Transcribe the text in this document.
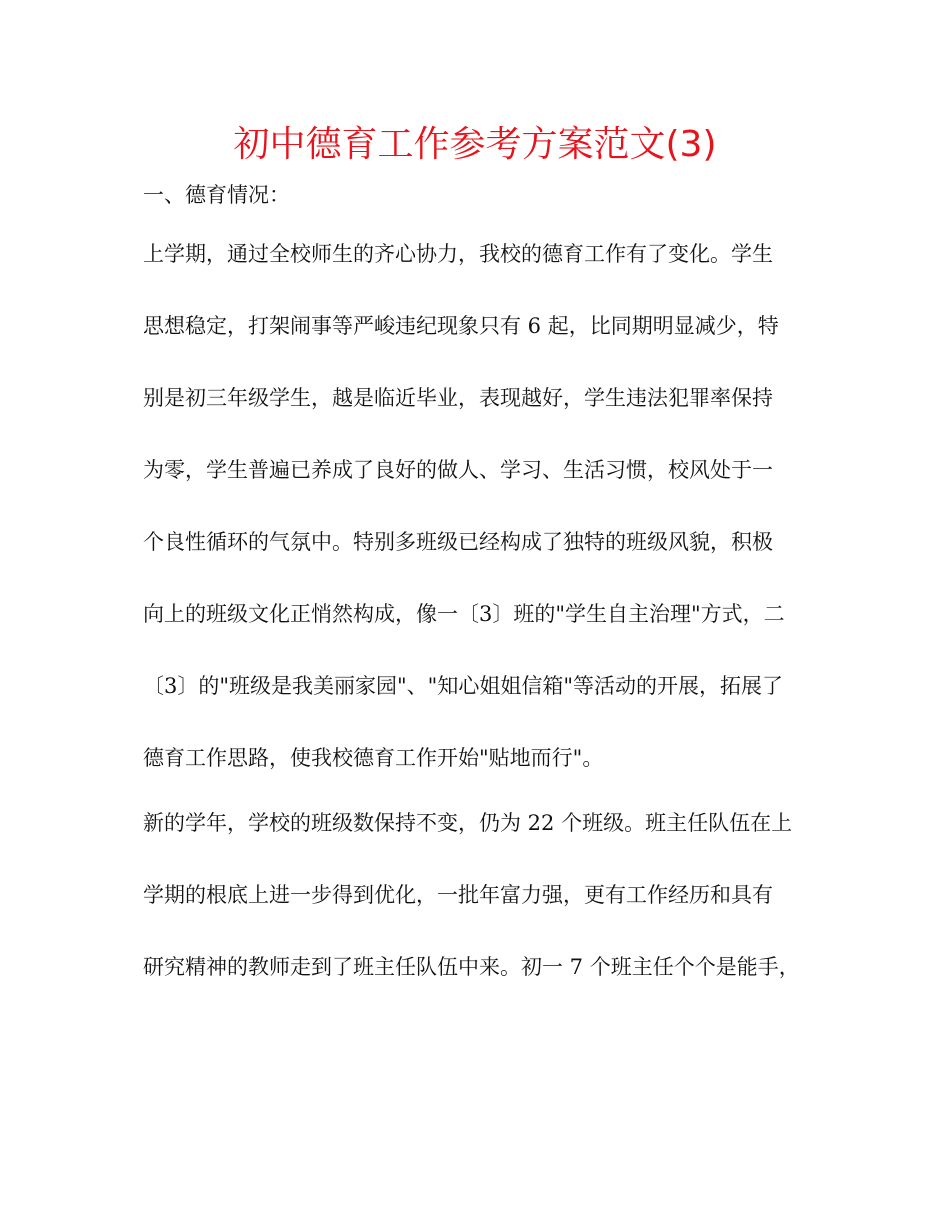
初中德育工作参考方案范文(3)

一、德育情况：

上学期，通过全校师生的齐心协力，我校的德育工作有了变化。学生

思想稳定，打架闹事等严峻违纪现象只有 6 起，比同期明显减少，特

别是初三年级学生，越是临近毕业，表现越好，学生违法犯罪率保持

为零，学生普遍已养成了良好的做人、学习、生活习惯，校风处于一

个良性循环的气氛中。特别多班级已经构成了独特的班级风貌，积极

向上的班级文化正悄然构成，像一〔3〕班的"学生自主治理"方式，二

〔3〕的"班级是我美丽家园"、"知心姐姐信箱"等活动的开展，拓展了

德育工作思路，使我校德育工作开始"贴地而行"。

新的学年，学校的班级数保持不变，仍为 22 个班级。班主任队伍在上

学期的根底上进一步得到优化，一批年富力强，更有工作经历和具有

研究精神的教师走到了班主任队伍中来。初一 7 个班主任个个是能手，
